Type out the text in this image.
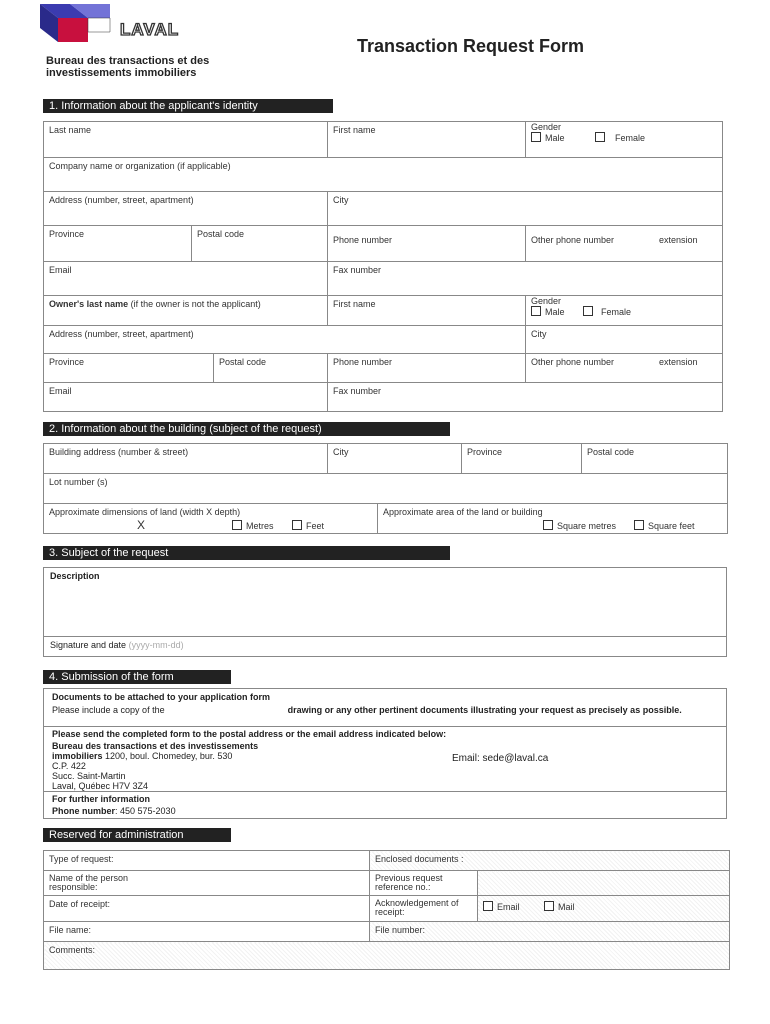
LAVAL
Bureau des transactions et des investissements immobiliers
Transaction Request Form
1. Information about the applicant's identity
Last name		First name	Gender
Male Female
Company name or organization (if applicable)			
Address (number, street, apartment)		City	
Province	Postal code	Phone number	Other phone number extension

Email		Fax number	
Owner's last name (if the owner is not the applicant)		First name	Gender
Male Female
Address (number, street, apartment)			City
Province	Postal code	Phone number	Other phone number extension

Email		Fax number	
2. Information about the building (subject of the request)
Building address (number & street)	City		Province	Postal code
Lot number (s)				

Approximate dimensions of land (width X depth)
X Metres Feet		Approximate area of the land or building
Square metres Square feet		
3. Subject of the request
Description
Signature and date (yyyy-mm-dd)
4. Submission of the form
Documents to be attached to your application form
Please include a copy of the	drawing or any other pertinent documents illustrating your request as precisely as possible.
Please send the completed form to the postal address or the email address indicated below:
Bureau des transactions et des investissements
immobiliers 1200, boul. Chomedey, bur. 530
C.P. 422
Succ. Saint-Martin
Laval, Québec H7V 3Z4
Email: sede@laval.ca
For further information
Phone number: 450 575-2030
Reserved for administration
Type of request:	Enclosed documents :	
Name of the person responsible:	Previous request reference no.:	
Date of receipt:	Acknowledgement of receipt:	Email Mail
File name:	File number:	
Comments:		
